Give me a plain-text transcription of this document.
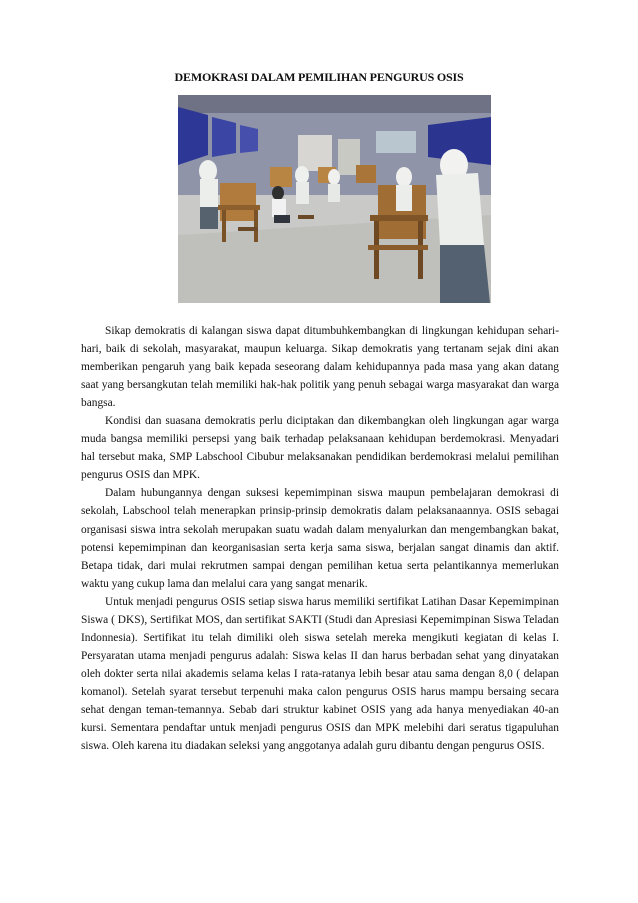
DEMOKRASI DALAM PEMILIHAN PENGURUS OSIS

Sikap demokratis di kalangan siswa dapat ditumbuhkembangkan di lingkungan kehidupan sehari-hari, baik di sekolah, masyarakat, maupun keluarga. Sikap demokratis yang tertanam sejak dini akan memberikan pengaruh yang baik kepada seseorang dalam kehidupannya pada masa yang akan datang saat yang bersangkutan telah memiliki hak-hak politik yang penuh sebagai warga masyarakat dan warga bangsa.

Kondisi dan suasana demokratis perlu diciptakan dan dikembangkan oleh lingkungan agar warga muda bangsa memiliki persepsi yang baik terhadap pelaksanaan kehidupan berdemokrasi. Menyadari hal tersebut maka, SMP Labschool Cibubur melaksanakan pendidikan berdemokrasi melalui pemilihan pengurus OSIS dan MPK.

Dalam hubungannya dengan suksesi kepemimpinan siswa maupun pembelajaran demokrasi di sekolah, Labschool telah menerapkan prinsip-prinsip demokratis dalam pelaksanaannya. OSIS sebagai organisasi siswa intra sekolah merupakan suatu wadah dalam menyalurkan dan mengembangkan bakat, potensi kepemimpinan dan keorganisasian serta kerja sama siswa, berjalan sangat dinamis dan aktif. Betapa tidak, dari mulai rekrutmen sampai dengan pemilihan ketua serta pelantikannya memerlukan waktu yang cukup lama dan melalui cara yang sangat menarik.

Untuk menjadi pengurus OSIS setiap siswa harus memiliki sertifikat Latihan Dasar Kepemimpinan Siswa ( DKS), Sertifikat MOS, dan sertifikat SAKTI (Studi dan Apresiasi Kepemimpinan Siswa Teladan Indonnesia). Sertifikat itu telah dimiliki oleh siswa setelah mereka mengikuti kegiatan di kelas I. Persyaratan utama menjadi pengurus adalah: Siswa kelas II dan harus berbadan sehat yang dinyatakan oleh dokter serta nilai akademis selama kelas I rata-ratanya lebih besar atau sama dengan 8,0 ( delapan komanol). Setelah syarat tersebut terpenuhi maka calon pengurus OSIS harus mampu bersaing secara sehat dengan teman-temannya. Sebab dari struktur kabinet OSIS yang ada hanya menyediakan 40-an kursi. Sementara pendaftar untuk menjadi pengurus OSIS dan MPK melebihi dari seratus tigapuluhan siswa. Oleh karena itu diadakan seleksi yang anggotanya adalah guru dibantu dengan pengurus OSIS.
